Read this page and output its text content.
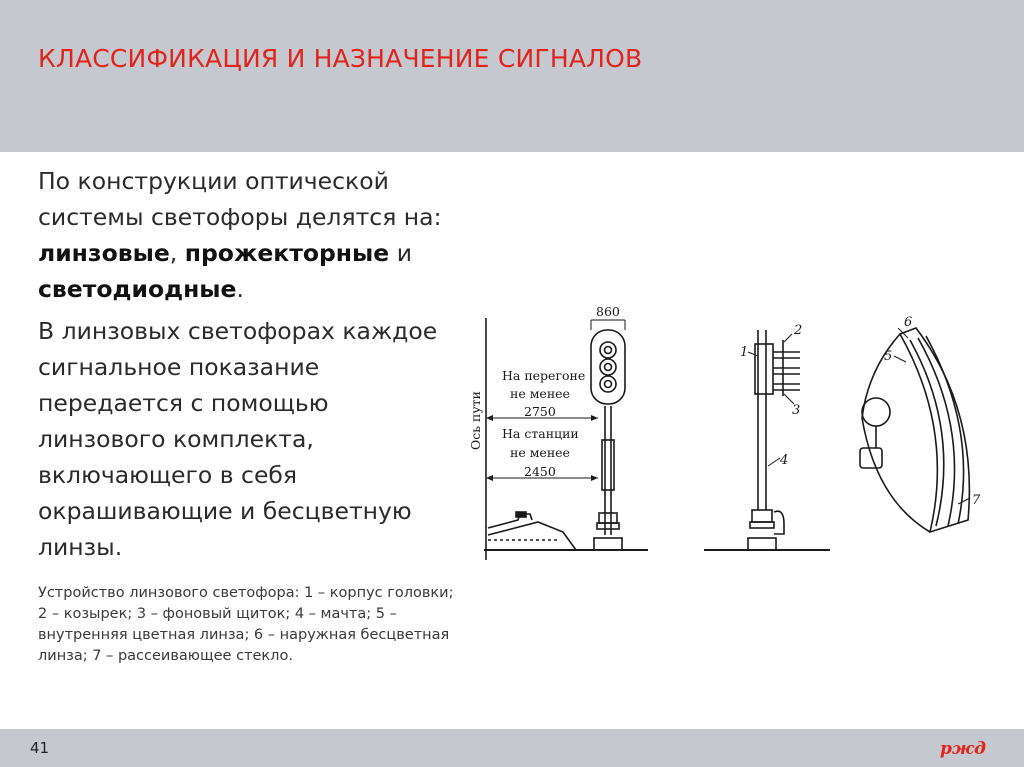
КЛАССИФИКАЦИЯ И НАЗНАЧЕНИЕ СИГНАЛОВ

По конструкции оптической системы светофоры делятся на: линзовые, прожекторные и светодиодные.

В линзовых светофорах каждое сигнальное показание передается с помощью линзового комплекта, включающего в себя окрашивающие и бесцветную линзы.

Устройство линзового светофора: 1 – корпус головки; 2 – козырек; 3 – фоновый щиток; 4 – мачта; 5 – внутренняя цветная линза; 6 – наружная бесцветная линза; 7 – рассеивающее стекло.
860
Ось пути
На перегоне
не менее
2750
На станции
не менее
2450
1
2
3
4
5
6
7
41	ржд
